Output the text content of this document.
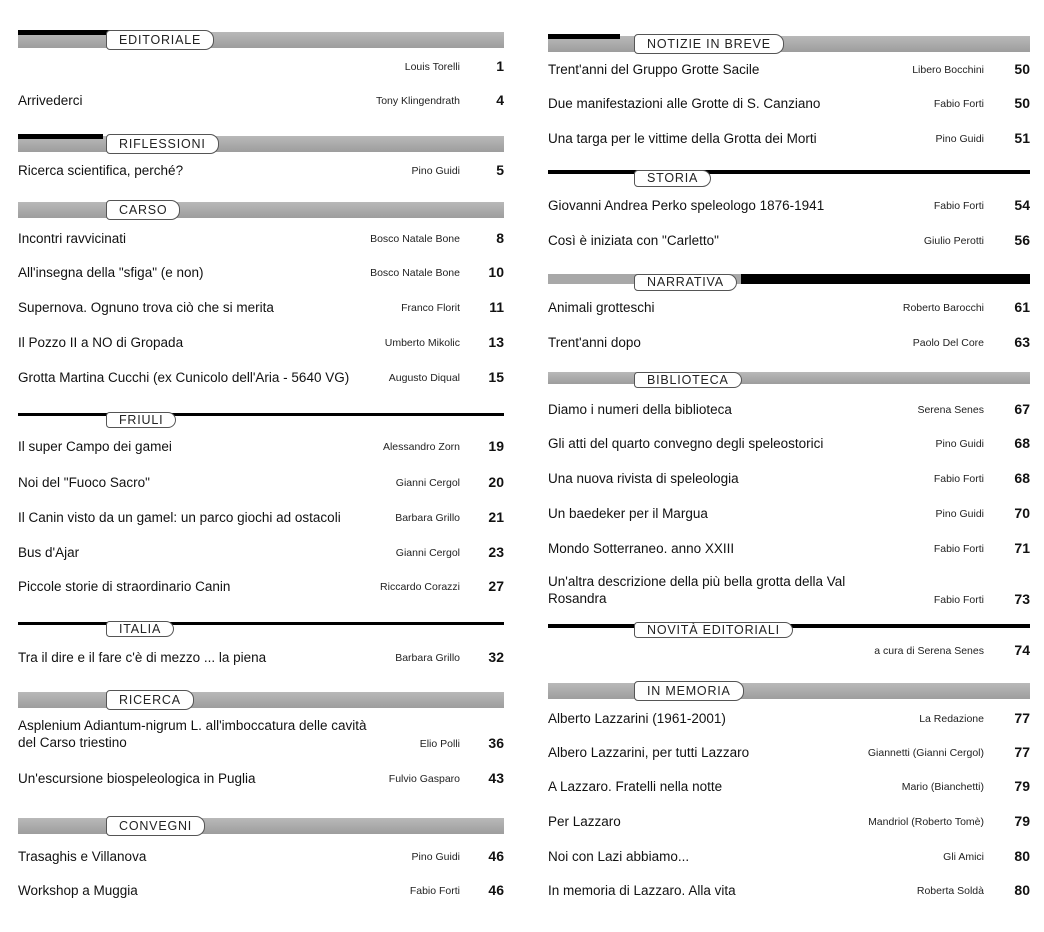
EDITORIALE
Louis Torelli	1
Arrivederci	Tony Klingendrath	4
RIFLESSIONI
Ricerca scientifica, perché?	Pino Guidi	5
CARSO
Incontri ravvicinati	Bosco Natale Bone	8
All'insegna della "sfiga" (e non)	Bosco Natale Bone	10
Supernova. Ognuno trova ciò che si merita	Franco Florit	11
Il Pozzo II a NO di Gropada	Umberto Mikolic	13
Grotta Martina Cucchi (ex Cunicolo dell'Aria - 5640 VG)	Augusto Diqual	15
FRIULI
Il super Campo dei gamei	Alessandro Zorn	19
Noi del "Fuoco Sacro"	Gianni Cergol	20
Il Canin visto da un gamel: un parco giochi ad ostacoli	Barbara Grillo	21
Bus d'Ajar	Gianni Cergol	23
Piccole storie di straordinario Canin	Riccardo Corazzi	27
ITALIA
Tra il dire e il fare c'è di mezzo ... la piena	Barbara Grillo	32
RICERCA
Asplenium Adiantum-nigrum L. all'imboccatura delle cavità del Carso triestino	Elio Polli	36
Un'escursione biospeleologica in Puglia	Fulvio Gasparo	43
CONVEGNI
Trasaghis e Villanova	Pino Guidi	46
Workshop a Muggia	Fabio Forti	46
NOTIZIE IN BREVE
Trent'anni del Gruppo Grotte Sacile	Libero Bocchini	50
Due manifestazioni alle Grotte di S. Canziano	Fabio Forti	50
Una targa per le vittime della Grotta dei Morti	Pino Guidi	51
STORIA
Giovanni Andrea Perko speleologo 1876-1941	Fabio Forti	54
Così è iniziata con "Carletto"	Giulio Perotti	56
NARRATIVA
Animali grotteschi	Roberto Barocchi	61
Trent'anni dopo	Paolo Del Core	63
BIBLIOTECA
Diamo i numeri della biblioteca	Serena Senes	67
Gli atti del quarto convegno degli speleostorici	Pino Guidi	68
Una nuova rivista di speleologia	Fabio Forti	68
Un baedeker per il Margua	Pino Guidi	70
Mondo Sotterraneo. anno XXIII	Fabio Forti	71
Un'altra descrizione della più bella grotta della Val Rosandra	Fabio Forti	73
NOVITÀ EDITORIALI
a cura di Serena Senes	74
IN MEMORIA
Alberto Lazzarini (1961-2001)	La Redazione	77
Albero Lazzarini, per tutti Lazzaro	Giannetti (Gianni Cergol)	77
A Lazzaro. Fratelli nella notte	Mario (Bianchetti)	79
Per Lazzaro	Mandriol (Roberto Tomè)	79
Noi con Lazi abbiamo...	Gli Amici	80
In memoria di Lazzaro. Alla vita	Roberta Soldà	80
